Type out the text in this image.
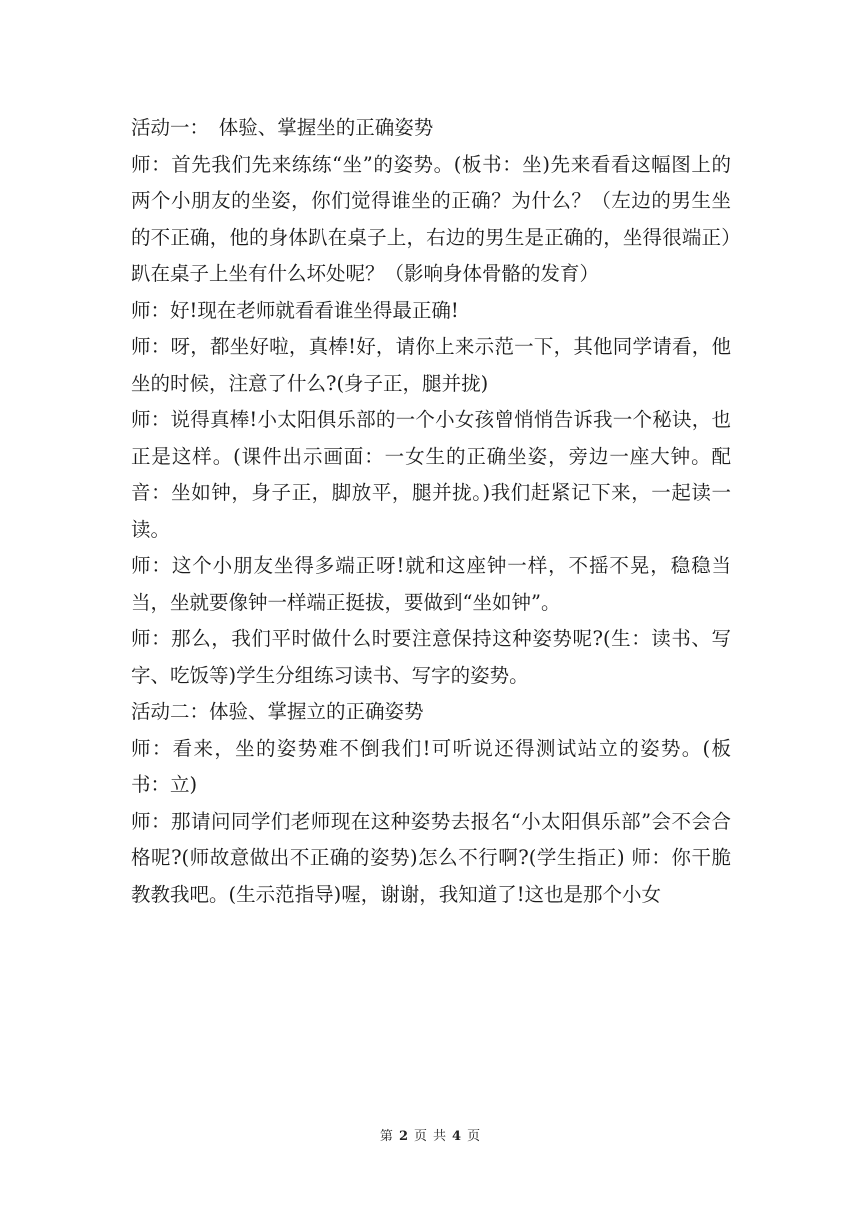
活动一：　体验、掌握坐的正确姿势

师：首先我们先来练练“坐”的姿势。(板书：坐)先来看看这幅图上的两个小朋友的坐姿，你们觉得谁坐的正确？为什么？（左边的男生坐的不正确，他的身体趴在桌子上，右边的男生是正确的，坐得很端正）趴在桌子上坐有什么坏处呢？（影响身体骨骼的发育）

师：好!现在老师就看看谁坐得最正确!

师：呀，都坐好啦，真棒!好，请你上来示范一下，其他同学请看，他坐的时候，注意了什么?(身子正，腿并拢)

师：说得真棒!小太阳俱乐部的一个小女孩曾悄悄告诉我一个秘诀，也正是这样。(课件出示画面：一女生的正确坐姿，旁边一座大钟。配音：坐如钟，身子正，脚放平，腿并拢。)我们赶紧记下来，一起读一读。

师：这个小朋友坐得多端正呀!就和这座钟一样，不摇不晃，稳稳当当，坐就要像钟一样端正挺拔，要做到“坐如钟”。

师：那么，我们平时做什么时要注意保持这种姿势呢?(生：读书、写字、吃饭等)学生分组练习读书、写字的姿势。

活动二：体验、掌握立的正确姿势

师：看来，坐的姿势难不倒我们!可听说还得测试站立的姿势。(板书：立)

师：那请问同学们老师现在这种姿势去报名“小太阳俱乐部”会不会合格呢?(师故意做出不正确的姿势)怎么不行啊?(学生指正) 师：你干脆教教我吧。(生示范指导)喔，谢谢，我知道了!这也是那个小女

第 2 页 共 4 页
